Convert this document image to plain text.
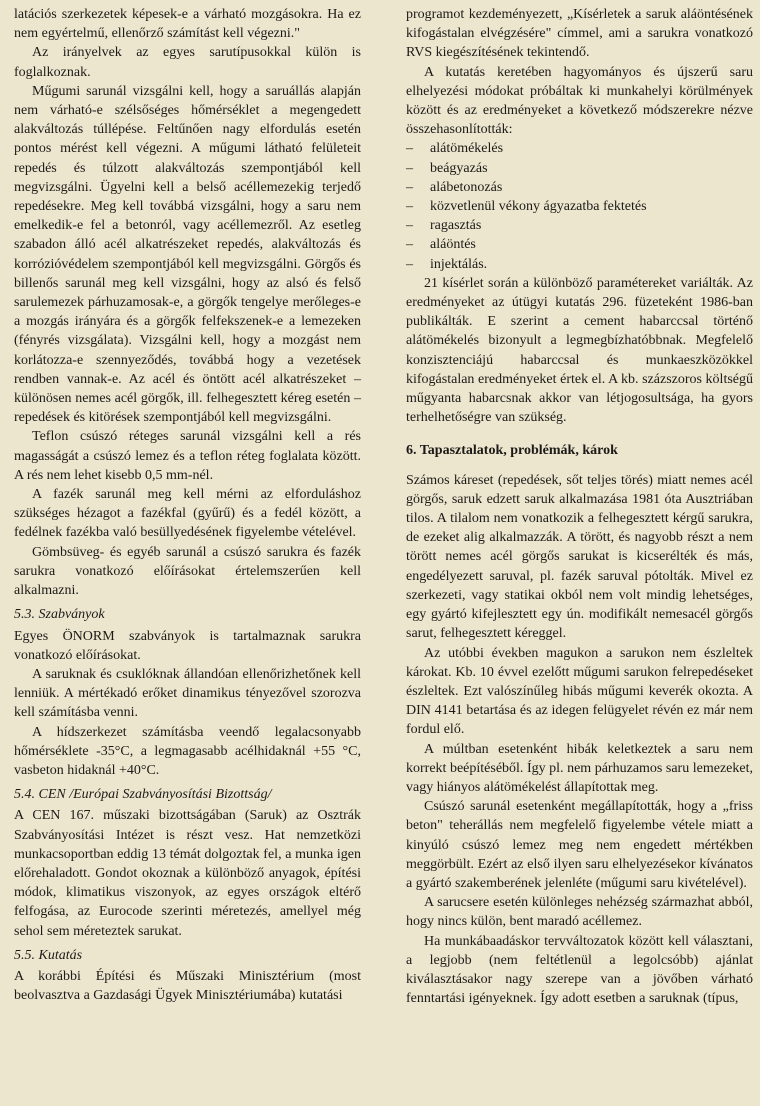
latációs szerkezetek képesek-e a várható mozgásokra. Ha ez nem egyértelmű, ellenőrző számítást kell végezni."

Az irányelvek az egyes sarutípusokkal külön is foglalkoznak.

Műgumi sarunál vizsgálni kell, hogy a saruállás alapján nem várható-e szélsőséges hőmérséklet a megengedett alakváltozás túllépése. Feltűnően nagy elfordulás esetén pontos mérést kell végezni. A műgumi látható felületeit repedés és túlzott alakváltozás szempontjából kell megvizsgálni. Ügyelni kell a belső acéllemezekig terjedő repedésekre. Meg kell továbbá vizsgálni, hogy a saru nem emelkedik-e fel a betonról, vagy acéllemezről. Az esetleg szabadon álló acél alkatrészeket repedés, alakváltozás és korrózióvédelem szempontjából kell megvizsgálni. Görgős és billenős sarunál meg kell vizsgálni, hogy az alsó és felső sarulemezek párhuzamosak-e, a görgők tengelye merőleges-e a mozgás irányára és a görgők felfekszenek-e a lemezeken (fényrés vizsgálata). Vizsgálni kell, hogy a mozgást nem korlátozza-e szennyeződés, továbbá hogy a vezetések rendben vannak-e. Az acél és öntött acél alkatrészeket – különösen nemes acél görgők, ill. felhegesztett kéreg esetén – repedések és kitörések szempontjából kell megvizsgálni.

Teflon csúszó réteges sarunál vizsgálni kell a rés magasságát a csúszó lemez és a teflon réteg foglalata között. A rés nem lehet kisebb 0,5 mm-nél.

A fazék sarunál meg kell mérni az elforduláshoz szükséges hézagot a fazékfal (gyűrű) és a fedél között, a fedélnek fazékba való besüllyedésének figyelembe vételével.

Gömbsüveg- és egyéb sarunál a csúszó sarukra és fazék sarukra vonatkozó előírásokat értelemszerűen kell alkalmazni.

5.3. Szabványok

Egyes ÖNORM szabványok is tartalmaznak sarukra vonatkozó előírásokat.

A saruknak és csuklóknak állandóan ellenőrizhetőnek kell lenniük. A mértékadó erőket dinamikus tényezővel szorozva kell számításba venni.

A hídszerkezet számításba veendő legalacsonyabb hőmérséklete -35°C, a legmagasabb acélhidaknál +55 °C, vasbeton hidaknál +40°C.

5.4. CEN /Európai Szabványosítási Bizottság/

A CEN 167. műszaki bizottságában (Saruk) az Osztrák Szabványosítási Intézet is részt vesz. Hat nemzetközi munkacsoportban eddig 13 témát dolgoztak fel, a munka igen előrehaladott. Gondot okoznak a különböző anyagok, építési módok, klimatikus viszonyok, az egyes országok eltérő felfogása, az Eurocode szerinti méretezés, amellyel még sehol sem méreteztek sarukat.

5.5. Kutatás

A korábbi Építési és Műszaki Minisztérium (most beolvasztva a Gazdasági Ügyek Minisztériumába) kutatási

programot kezdeményezett, „Kísérletek a saruk aláöntésének kifogástalan elvégzésére" címmel, ami a sarukra vonatkozó RVS kiegészítésének tekintendő.

A kutatás keretében hagyományos és újszerű saru elhelyezési módokat próbáltak ki munkahelyi körülmények között és az eredményeket a következő módszerekre nézve összehasonlították:

– alátömékelés
– beágyazás
– alábetonozás
– közvetlenül vékony ágyazatba fektetés
– ragasztás
– aláöntés
– injektálás.

21 kísérlet során a különböző paramétereket variálták. Az eredményeket az útügyi kutatás 296. füzeteként 1986-ban publikálták. E szerint a cement habarccsal történő alátömékelés bizonyult a legmegbízhatóbbnak. Megfelelő konzisztenciájú habarccsal és munkaeszközökkel kifogástalan eredményeket értek el. A kb. százszoros költségű műgyanta habarcsnak akkor van létjogosultsága, ha gyors terhelhetőségre van szükség.

6. Tapasztalatok, problémák, károk

Számos káreset (repedések, sőt teljes törés) miatt nemes acél görgős, saruk edzett saruk alkalmazása 1981 óta Ausztriában tilos. A tilalom nem vonatkozik a felhegesztett kérgű sarukra, de ezeket alig alkalmazzák. A törött, és nagyobb részt a nem törött nemes acél görgős sarukat is kicserélték és más, engedélyezett saruval, pl. fazék saruval pótolták. Mivel ez szerkezeti, vagy statikai okból nem volt mindig lehetséges, egy gyártó kifejlesztett egy ún. modifikált nemesacél görgős sarut, felhegesztett kéreggel.

Az utóbbi években magukon a sarukon nem észleltek károkat. Kb. 10 évvel ezelőtt műgumi sarukon felrepedéseket észleltek. Ezt valószínűleg hibás műgumi keverék okozta. A DIN 4141 betartása és az idegen felügyelet révén ez már nem fordul elő.

A múltban esetenként hibák keletkeztek a saru nem korrekt beépítéséből. Így pl. nem párhuzamos saru lemezeket, vagy hiányos alátömékelést állapítottak meg.

Csúszó sarunál esetenként megállapították, hogy a „friss beton" teherállás nem megfelelő figyelembe vétele miatt a kinyúló csúszó lemez meg nem engedett mértékben meggörbült. Ezért az első ilyen saru elhelyezésekor kívánatos a gyártó szakemberének jelenléte (műgumi saru kivételével).

A sarucsere esetén különleges nehézség származhat abból, hogy nincs külön, bent maradó acéllemez.

Ha munkábaadáskor tervváltozatok között kell választani, a legjobb (nem feltétlenül a legolcsóbb) ajánlat kiválasztásakor nagy szerepe van a jövőben várható fenntartási igényeknek. Így adott esetben a saruknak (típus,
